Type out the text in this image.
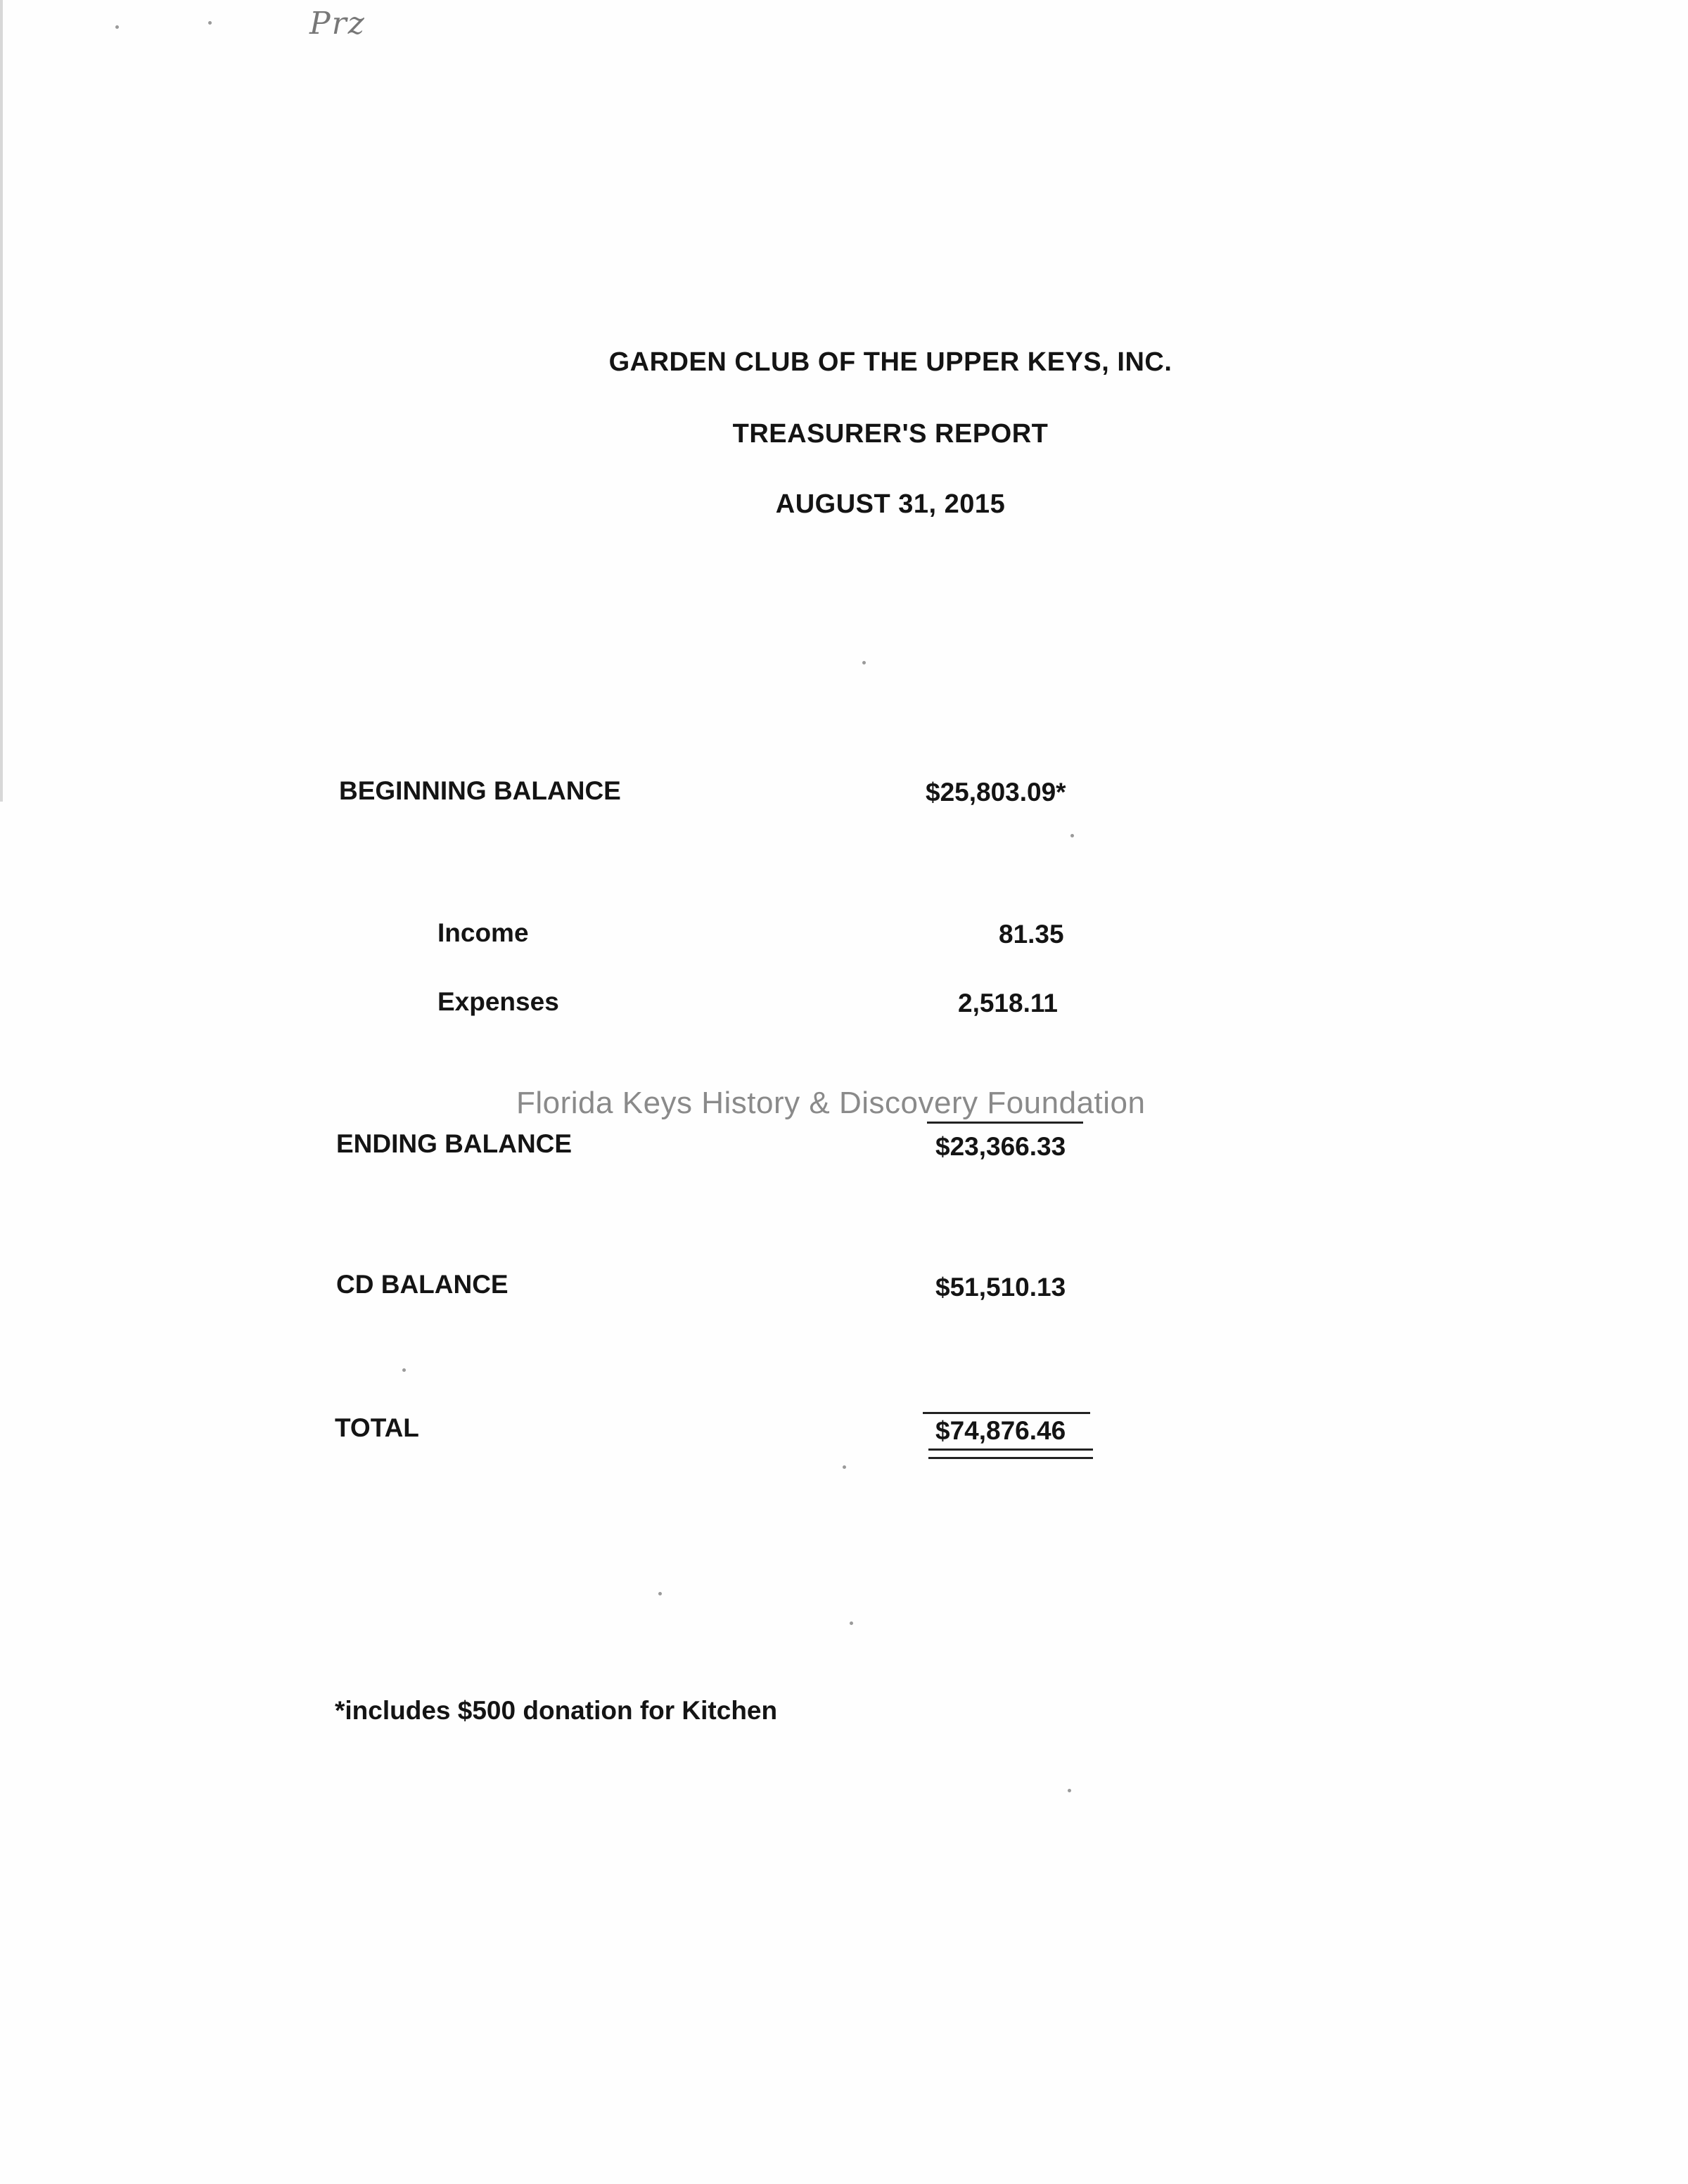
Prz
GARDEN CLUB OF THE UPPER KEYS, INC.
TREASURER'S REPORT
AUGUST 31, 2015
BEGINNING BALANCE	$25,803.09*
Income	81.35
Expenses	2,518.11
Florida Keys History & Discovery Foundation
ENDING BALANCE	$23,366.33
CD BALANCE	$51,510.13
TOTAL	$74,876.46
*includes $500 donation for Kitchen
